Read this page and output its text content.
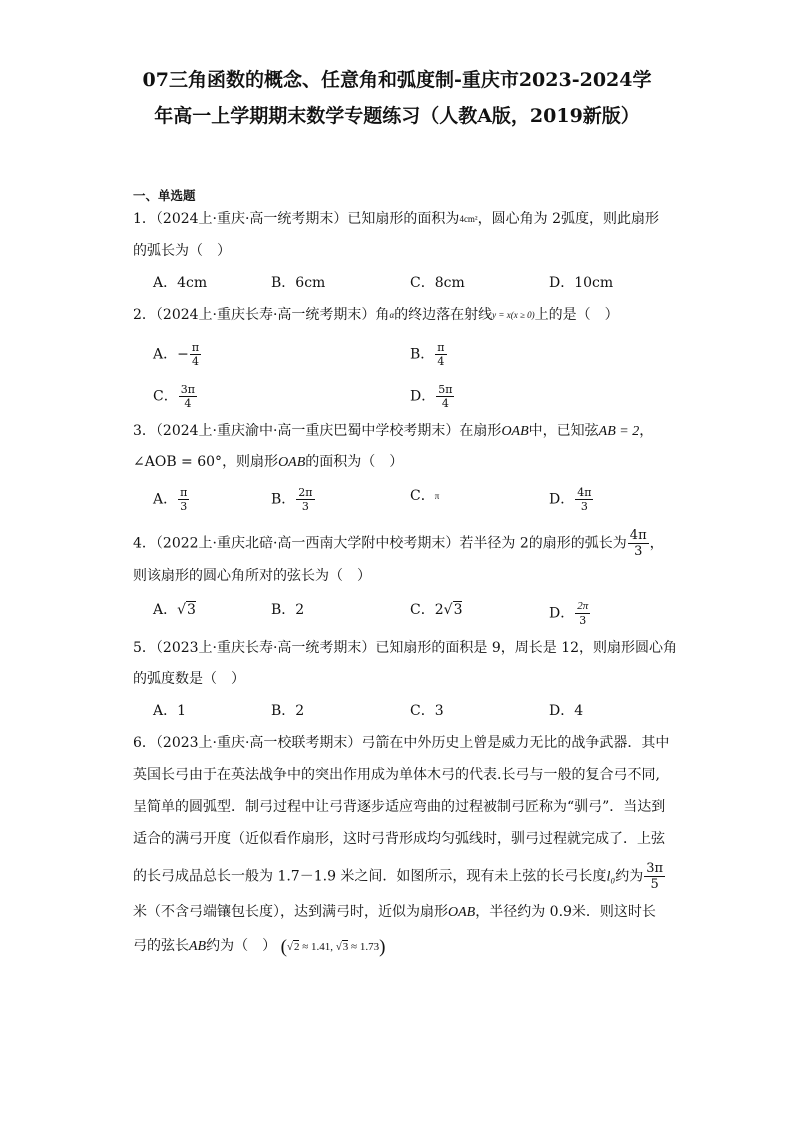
07三角函数的概念、任意角和弧度制-重庆市2023-2024学
年高一上学期期末数学专题练习（人教A版，2019新版）
一、单选题
1．（2024上·重庆·高一统考期末）已知扇形的面积为4cm²，圆心角为 2弧度，则此扇形
的弧长为（　）
A．4cm	B．6cm	C．8cm	D．10cm
2．（2024上·重庆长寿·高一统考期末）角α的终边落在射线y = x(x ≥ 0)上的是（　）
A．− $\frac{\pi}{4}$	B． $\frac{\pi}{4}$
C． $\frac{3\pi}{4}$	D． $\frac{5\pi}{4}$
3．（2024上·重庆渝中·高一重庆巴蜀中学校考期末）在扇形OAB中，已知弦AB = 2，
∠AOB = 60°，则扇形OAB的面积为（　）
A． $\frac{\pi}{3}$	B． $\frac{2\pi}{3}$	C．π	D． $\frac{4\pi}{3}$
4．（2022上·重庆北碚·高一西南大学附中校考期末）若半径为 2的扇形的弧长为 $\frac{4\pi}{3}$ ，
则该扇形的圆心角所对的弦长为（　）
A．√3	B．2	C．2√3	D． $\frac{2\pi}{3}$
5．（2023上·重庆长寿·高一统考期末）已知扇形的面积是 9，周长是 12，则扇形圆心角
的弧度数是（　）
A．1	B．2	C．3	D．4
6．（2023上·重庆·高一校联考期末）弓箭在中外历史上曾是威力无比的战争武器．其中
英国长弓由于在英法战争中的突出作用成为单体木弓的代表.长弓与一般的复合弓不同,
呈简单的圆弧型．制弓过程中让弓背逐步适应弯曲的过程被制弓匠称为“驯弓”．当达到
适合的满弓开度（近似看作扇形，这时弓背形成均匀弧线时，驯弓过程就完成了．上弦
的长弓成品总长一般为 1.7－1.9 米之间．如图所示，现有未上弦的长弓长度l₀约为 $\frac{3\pi}{5}$
米（不含弓端镶包长度），达到满弓时，近似为扇形OAB，半径约为 0.9米．则这时长
弓的弦长AB约为（　） (√2 ≈ 1.41, √3 ≈ 1.73)
